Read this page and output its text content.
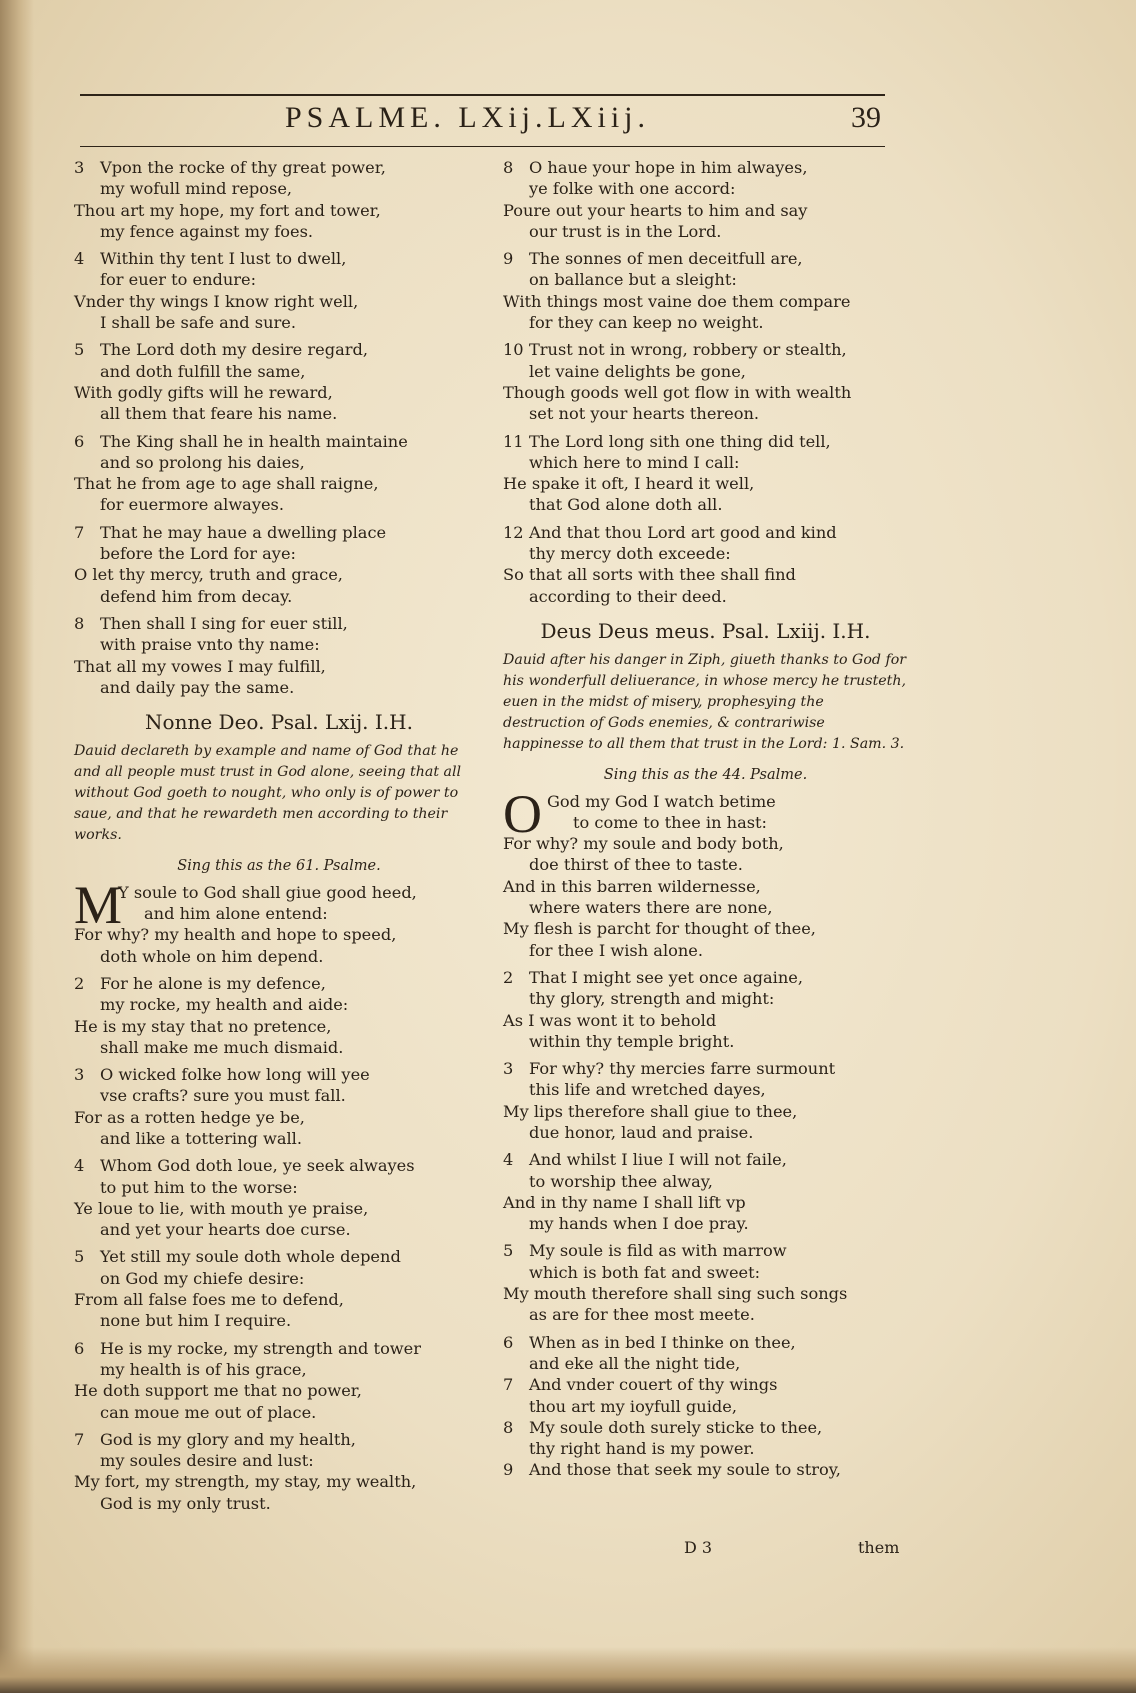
PSALME. LXij.LXiij.	39
3 Vpon the rocke of thy great power,
my wofull mind repose,
Thou art my hope, my fort and tower,
my fence against my foes.
4 Within thy tent I lust to dwell,
for euer to endure:
Vnder thy wings I know right well,
I shall be safe and sure.
5 The Lord doth my desire regard,
and doth fulfill the same,
With godly gifts will he reward,
all them that feare his name.
6 The King shall he in health maintaine
and so prolong his daies,
That he from age to age shall raigne,
for euermore alwayes.
7 That he may haue a dwelling place
before the Lord for aye:
O let thy mercy, truth and grace,
defend him from decay.
8 Then shall I sing for euer still,
with praise vnto thy name:
That all my vowes I may fulfill,
and daily pay the same.
Nonne Deo. Psal. Lxij. I.H.
Dauid declareth by example and name of God that he and all people must trust in God alone, seeing that all without God goeth to nought, who only is of power to saue, and that he rewardeth men according to their works.
Sing this as the 61. Psalme.
M
Y soule to God shall giue good heed,
and him alone entend:
For why? my health and hope to speed,
doth whole on him depend.
2 For he alone is my defence,
my rocke, my health and aide:
He is my stay that no pretence,
shall make me much dismaid.
3 O wicked folke how long will yee
vse crafts? sure you must fall.
For as a rotten hedge ye be,
and like a tottering wall.
4 Whom God doth loue, ye seek alwayes
to put him to the worse:
Ye loue to lie, with mouth ye praise,
and yet your hearts doe curse.
5 Yet still my soule doth whole depend
on God my chiefe desire:
From all false foes me to defend,
none but him I require.
6 He is my rocke, my strength and tower
my health is of his grace,
He doth support me that no power,
can moue me out of place.
7 God is my glory and my health,
my soules desire and lust:
My fort, my strength, my stay, my wealth,
God is my only trust.
8 O haue your hope in him alwayes,
ye folke with one accord:
Poure out your hearts to him and say
our trust is in the Lord.
9 The sonnes of men deceitfull are,
on ballance but a sleight:
With things most vaine doe them compare
for they can keep no weight.
10 Trust not in wrong, robbery or stealth,
let vaine delights be gone,
Though goods well got flow in with wealth
set not your hearts thereon.
11 The Lord long sith one thing did tell,
which here to mind I call:
He spake it oft, I heard it well,
that God alone doth all.
12 And that thou Lord art good and kind
thy mercy doth exceede:
So that all sorts with thee shall find
according to their deed.
Deus Deus meus. Psal. Lxiij. I.H.
Dauid after his danger in Ziph, giueth thanks to God for his wonderfull deliuerance, in whose mercy he trusteth, euen in the midst of misery, prophesying the destruction of Gods enemies, & contrariwise happinesse to all them that trust in the Lord: 1. Sam. 3.
Sing this as the 44. Psalme.
O God my God I watch betime
to come to thee in hast:
For why? my soule and body both,
doe thirst of thee to taste.
And in this barren wildernesse,
where waters there are none,
My flesh is parcht for thought of thee,
for thee I wish alone.
2 That I might see yet once againe,
thy glory, strength and might:
As I was wont it to behold
within thy temple bright.
3 For why? thy mercies farre surmount
this life and wretched dayes,
My lips therefore shall giue to thee,
due honor, laud and praise.
4 And whilst I liue I will not faile,
to worship thee alway,
And in thy name I shall lift vp
my hands when I doe pray.
5 My soule is fild as with marrow
which is both fat and sweet:
My mouth therefore shall sing such songs
as are for thee most meete.
6 When as in bed I thinke on thee,
and eke all the night tide,
7 And vnder couert of thy wings
thou art my ioyfull guide,
8 My soule doth surely sticke to thee,
thy right hand is my power.
9 And those that seek my soule to stroy,
D 3	them
